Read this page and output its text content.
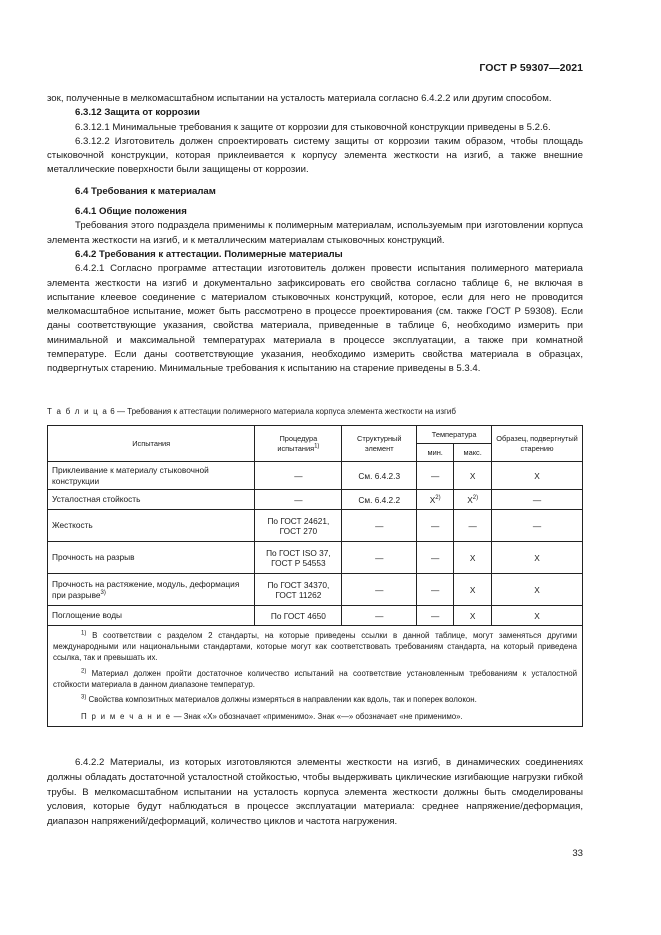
ГОСТ Р 59307—2021

зок, полученные в мелкомасштабном испытании на усталость материала согласно 6.4.2.2 или другим способом.

6.3.12 Защита от коррозии

6.3.12.1 Минимальные требования к защите от коррозии для стыковочной конструкции приведены в 5.2.6.

6.3.12.2 Изготовитель должен спроектировать систему защиты от коррозии таким образом, чтобы площадь стыковочной конструкции, которая приклеивается к корпусу элемента жесткости на изгиб, а также внешние металлические поверхности были защищены от коррозии.

6.4 Требования к материалам

6.4.1 Общие положения

Требования этого подраздела применимы к полимерным материалам, используемым при изготовлении корпуса элемента жесткости на изгиб, и к металлическим материалам стыковочных конструкций.

6.4.2 Требования к аттестации. Полимерные материалы

6.4.2.1 Согласно программе аттестации изготовитель должен провести испытания полимерного материала элемента жесткости на изгиб и документально зафиксировать его свойства согласно таблице 6, не включая в испытание клеевое соединение с материалом стыковочных конструкций, которое, если для него не проводится мелкомасштабное испытание, может быть рассмотрено в процессе проектирования (см. также ГОСТ Р 59308). Если даны соответствующие указания, свойства материала, приведенные в таблице 6, необходимо измерить при минимальной и максимальной температурах материала в процессе эксплуатации, а также при комнатной температуре. Если даны соответствующие указания, необходимо измерить свойства материала в образцах, подвергнутых старению. Минимальные требования к испытанию на старение приведены в 5.3.4.

Т а б л и ц а 6 — Требования к аттестации полимерного материала корпуса элемента жесткости на изгиб
Испытания	Процедура испытания$^{1)}$	Структурный элемент	Температура		Образец, подвергнутый старению
			мин.	макс.	
Приклеивание к материалу стыковочной конструкции	—	См. 6.4.2.3	—	X	X
Усталостная стойкость	—	См. 6.4.2.2	$X^{2)}$	$X^{2)}$	—
Жесткость	По ГОСТ 24621, ГОСТ 270	—	—	—	—
Прочность на разрыв	По ГОСТ ISO 37, ГОСТ Р 54553	—	—	X	X
Прочность на растяжение, модуль, деформация при разрыве$^{3)}$	По ГОСТ 34370, ГОСТ 11262	—	—	X	X
Поглощение воды	По ГОСТ 4650	—	—	X	X

$^{1)}$ В соответствии с разделом 2 стандарты, на которые приведены ссылки в данной таблице, могут заменяться другими международными или национальными стандартами, которые могут как соответствовать требованиям стандарта, на который приведена ссылка, так и превышать их.

$^{2)}$ Материал должен пройти достаточное количество испытаний на соответствие установленным требованиям к усталостной стойкости материала в данном диапазоне температур.

$^{3)}$ Свойства композитных материалов должны измеряться в направлении как вдоль, так и поперек волокон.

П р и м е ч а н и е — Знак «X» обозначает «применимо». Знак «—» обозначает «не применимо».					

6.4.2.2 Материалы, из которых изготовляются элементы жесткости на изгиб, в динамических соединениях должны обладать достаточной усталостной стойкостью, чтобы выдерживать циклические изгибающие нагрузки гибкой трубы. В мелкомасштабном испытании на усталость корпуса элемента жесткости должны быть смоделированы условия, которые будут наблюдаться в процессе эксплуатации материала: среднее напряжение/деформация, диапазон напряжений/деформаций, количество циклов и частота нагружения.

33
